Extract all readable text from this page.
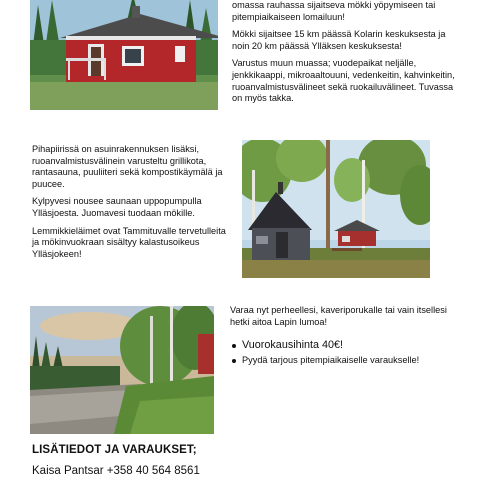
omassa rauhassa sijaitseva mökki yöpymiseen tai pitempiaikaiseen lomailuun!

Mökki sijaitsee 15 km päässä Kolarin keskuksesta ja noin 20 km päässä Ylläksen keskuksesta!

Varustus muun muassa; vuodepaikat neljälle, jenkkikaappi, mikroaaltouuni, vedenkeitin, kahvinkeitin, ruoanvalmistusvälineet sekä ruokailuvälineet. Tuvassa on myös takka.

Pihapiirissä on asuinrakennuksen lisäksi, ruoanvalmistusvälinein varusteltu grillikota, rantasauna, puuliiteri sekä kompostikäymälä ja puucee.

Kylpyvesi nousee saunaan uppopumpulla Ylläsjoesta. Juomavesi tuodaan mökille.

Lemmikkieläimet ovat Tammituvalle tervetulleita ja mökinvuokraan sisältyy kalastusoikeus Ylläsjokeen!

Varaa nyt perheellesi, kaveriporukalle tai vain itsellesi hetki aitoa Lapin lumoa!

Vuorokausihinta 40€!
Pyydä tarjous pitempiaikaiselle varaukselle!
LISÄTIEDOT JA VARAUKSET;
Kaisa Pantsar +358 40 564 8561
